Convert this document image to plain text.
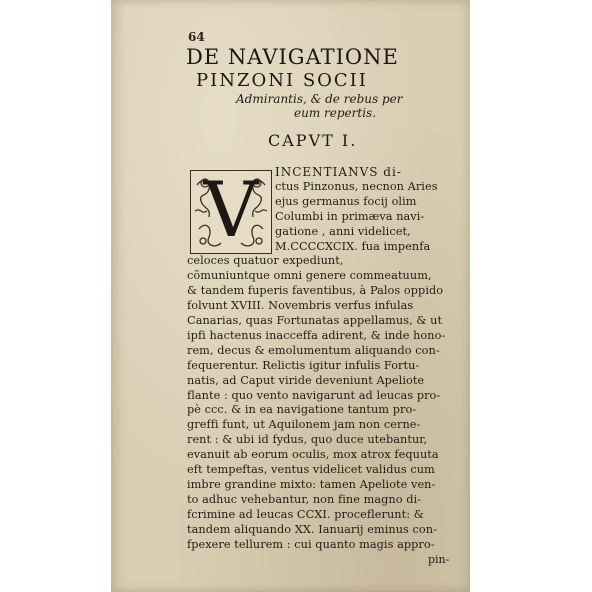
64
DE NAVIGATIONE
PINZONI SOCII
Admirantis, & de rebus per
eum repertis.
CAPVT I.
V	INCENTIANVS di-
ctus Pinzonus, necnon Aries
ejus germanus focij olim
Columbi in primæva navi-
gatione , anni videlicet,
M.CCCCXCIX. fua impenfa
celoces quatuor expediunt,
cõmuniuntque omni genere commeatuum,
& tandem fuperis faventibus, à Palos oppido
folvunt XVIII. Novembris verfus infulas
Canarias, quas Fortunatas appellamus, & ut
ipfi hactenus inacceffa adirent, & inde hono-
rem, decus & emolumentum aliquando con-
fequerentur. Relictis igitur infulis Fortu-
natis, ad Caput viride deveniunt Apeliote
flante : quo vento navigarunt ad leucas pro-
pè ccc. & in ea navigatione tantum pro-
greffi funt, ut Aquilonem jam non cerne-
rent : & ubi id fydus, quo duce utebantur,
evanuit ab eorum oculis, mox atrox fequuta
eft tempeftas, ventus videlicet validus cum
imbre grandine mixto: tamen Apeliote ven-
to adhuc vehebantur, non fine magno di-
fcrimine ad leucas CCXI. proceflerunt: &
tandem aliquando XX. Ianuarij eminus con-
fpexere tellurem : cui quanto magis appro-
pin-
